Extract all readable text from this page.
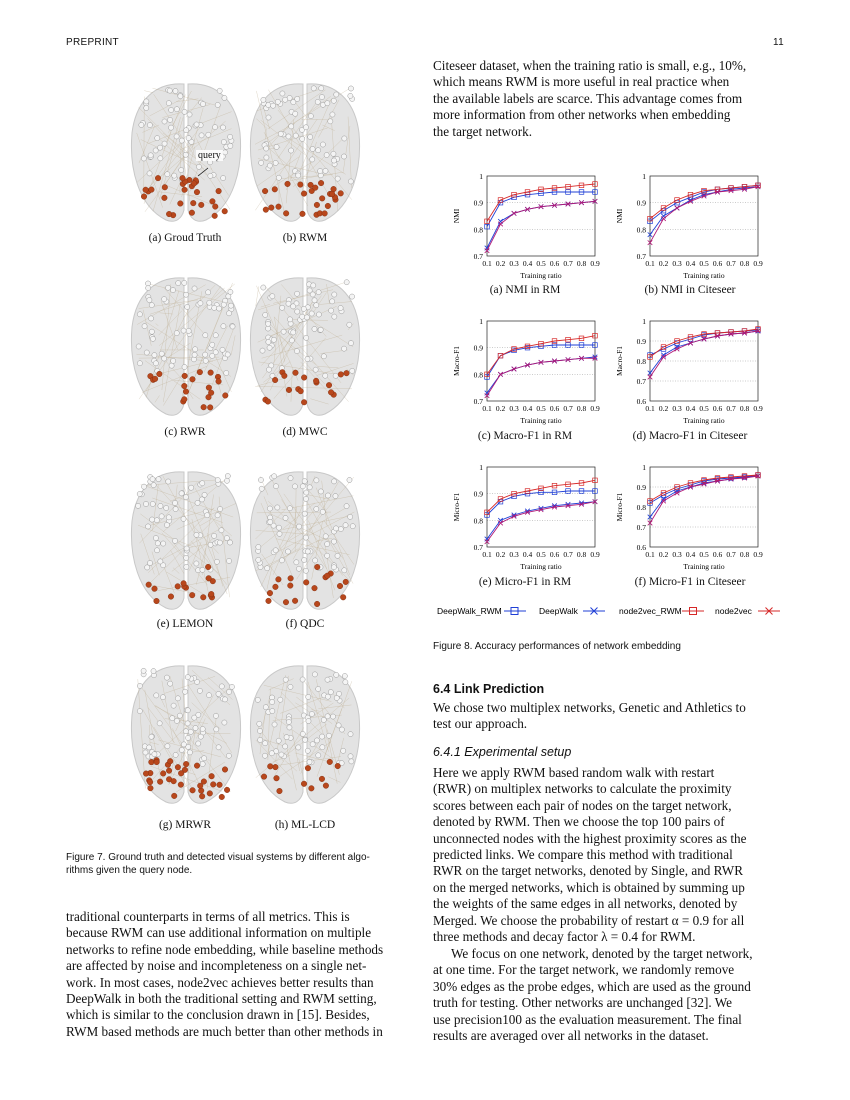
PREPRINT	11
(a) Groud Truth	(b) RWM
(c) RWR	(d) MWC
(e) LEMON	(f) QDC
(g) MRWR	(h) ML-LCD
query
Figure 7. Ground truth and detected visual systems by different algo-
rithms given the query node.
traditional counterparts in terms of all metrics. This is
because RWM can use additional information on multiple
networks to refine node embedding, while baseline methods
are affected by noise and incompleteness on a single net-
work. In most cases, node2vec achieves better results than
DeepWalk in both the traditional setting and RWM setting,
which is similar to the conclusion drawn in [15]. Besides,
RWM based methods are much better than other methods in
Citeseer dataset, when the training ratio is small, e.g., 10%,
which means RWM is more useful in real practice when
the available labels are scarce. This advantage comes from
more information from other networks when embedding
the target network.
0.7
0.8
0.9
1
0.1 0.2 0.3 0.4 0.5 0.6 0.7 0.8 0.9
Training ratio
NMI
0.7
0.8
0.9
1
0.1 0.2 0.3 0.4 0.5 0.6 0.7 0.8 0.9
Training ratio
NMI
0.7
0.8
0.9
1
0.1 0.2 0.3 0.4 0.5 0.6 0.7 0.8 0.9
Training ratio
Macro-F1
0.6
0.7
0.8
0.9
1
0.1 0.2 0.3 0.4 0.5 0.6 0.7 0.8 0.9
Training ratio
Macro-F1
0.7
0.8
0.9
1
0.1 0.2 0.3 0.4 0.5 0.6 0.7 0.8 0.9
Training ratio
Micro-F1
0.6
0.7
0.8
0.9
1
0.1 0.2 0.3 0.4 0.5 0.6 0.7 0.8 0.9
Training ratio
Micro-F1
(a) NMI in RM	(b) NMI in Citeseer
(c) Macro-F1 in RM	(d) Macro-F1 in Citeseer
(e) Micro-F1 in RM	(f) Micro-F1 in Citeseer
DeepWalk_RWM	DeepWalk	node2vec_RWM	node2vec
Figure 8. Accuracy performances of network embedding
6.4 Link Prediction
We chose two multiplex networks, Genetic and Athletics to
test our approach.
6.4.1 Experimental setup
Here we apply RWM based random walk with restart
(RWR) on multiplex networks to calculate the proximity
scores between each pair of nodes on the target network,
denoted by RWM. Then we choose the top 100 pairs of
unconnected nodes with the highest proximity scores as the
predicted links. We compare this method with traditional
RWR on the target networks, denoted by Single, and RWR
on the merged networks, which is obtained by summing up
the weights of the same edges in all networks, denoted by
Merged. We choose the probability of restart α = 0.9 for all
three methods and decay factor λ = 0.4 for RWM.
We focus on one network, denoted by the target network,
at one time. For the target network, we randomly remove
30% edges as the probe edges, which are used as the ground
truth for testing. Other networks are unchanged [32]. We
use precision100 as the evaluation measurement. The final
results are averaged over all networks in the dataset.
